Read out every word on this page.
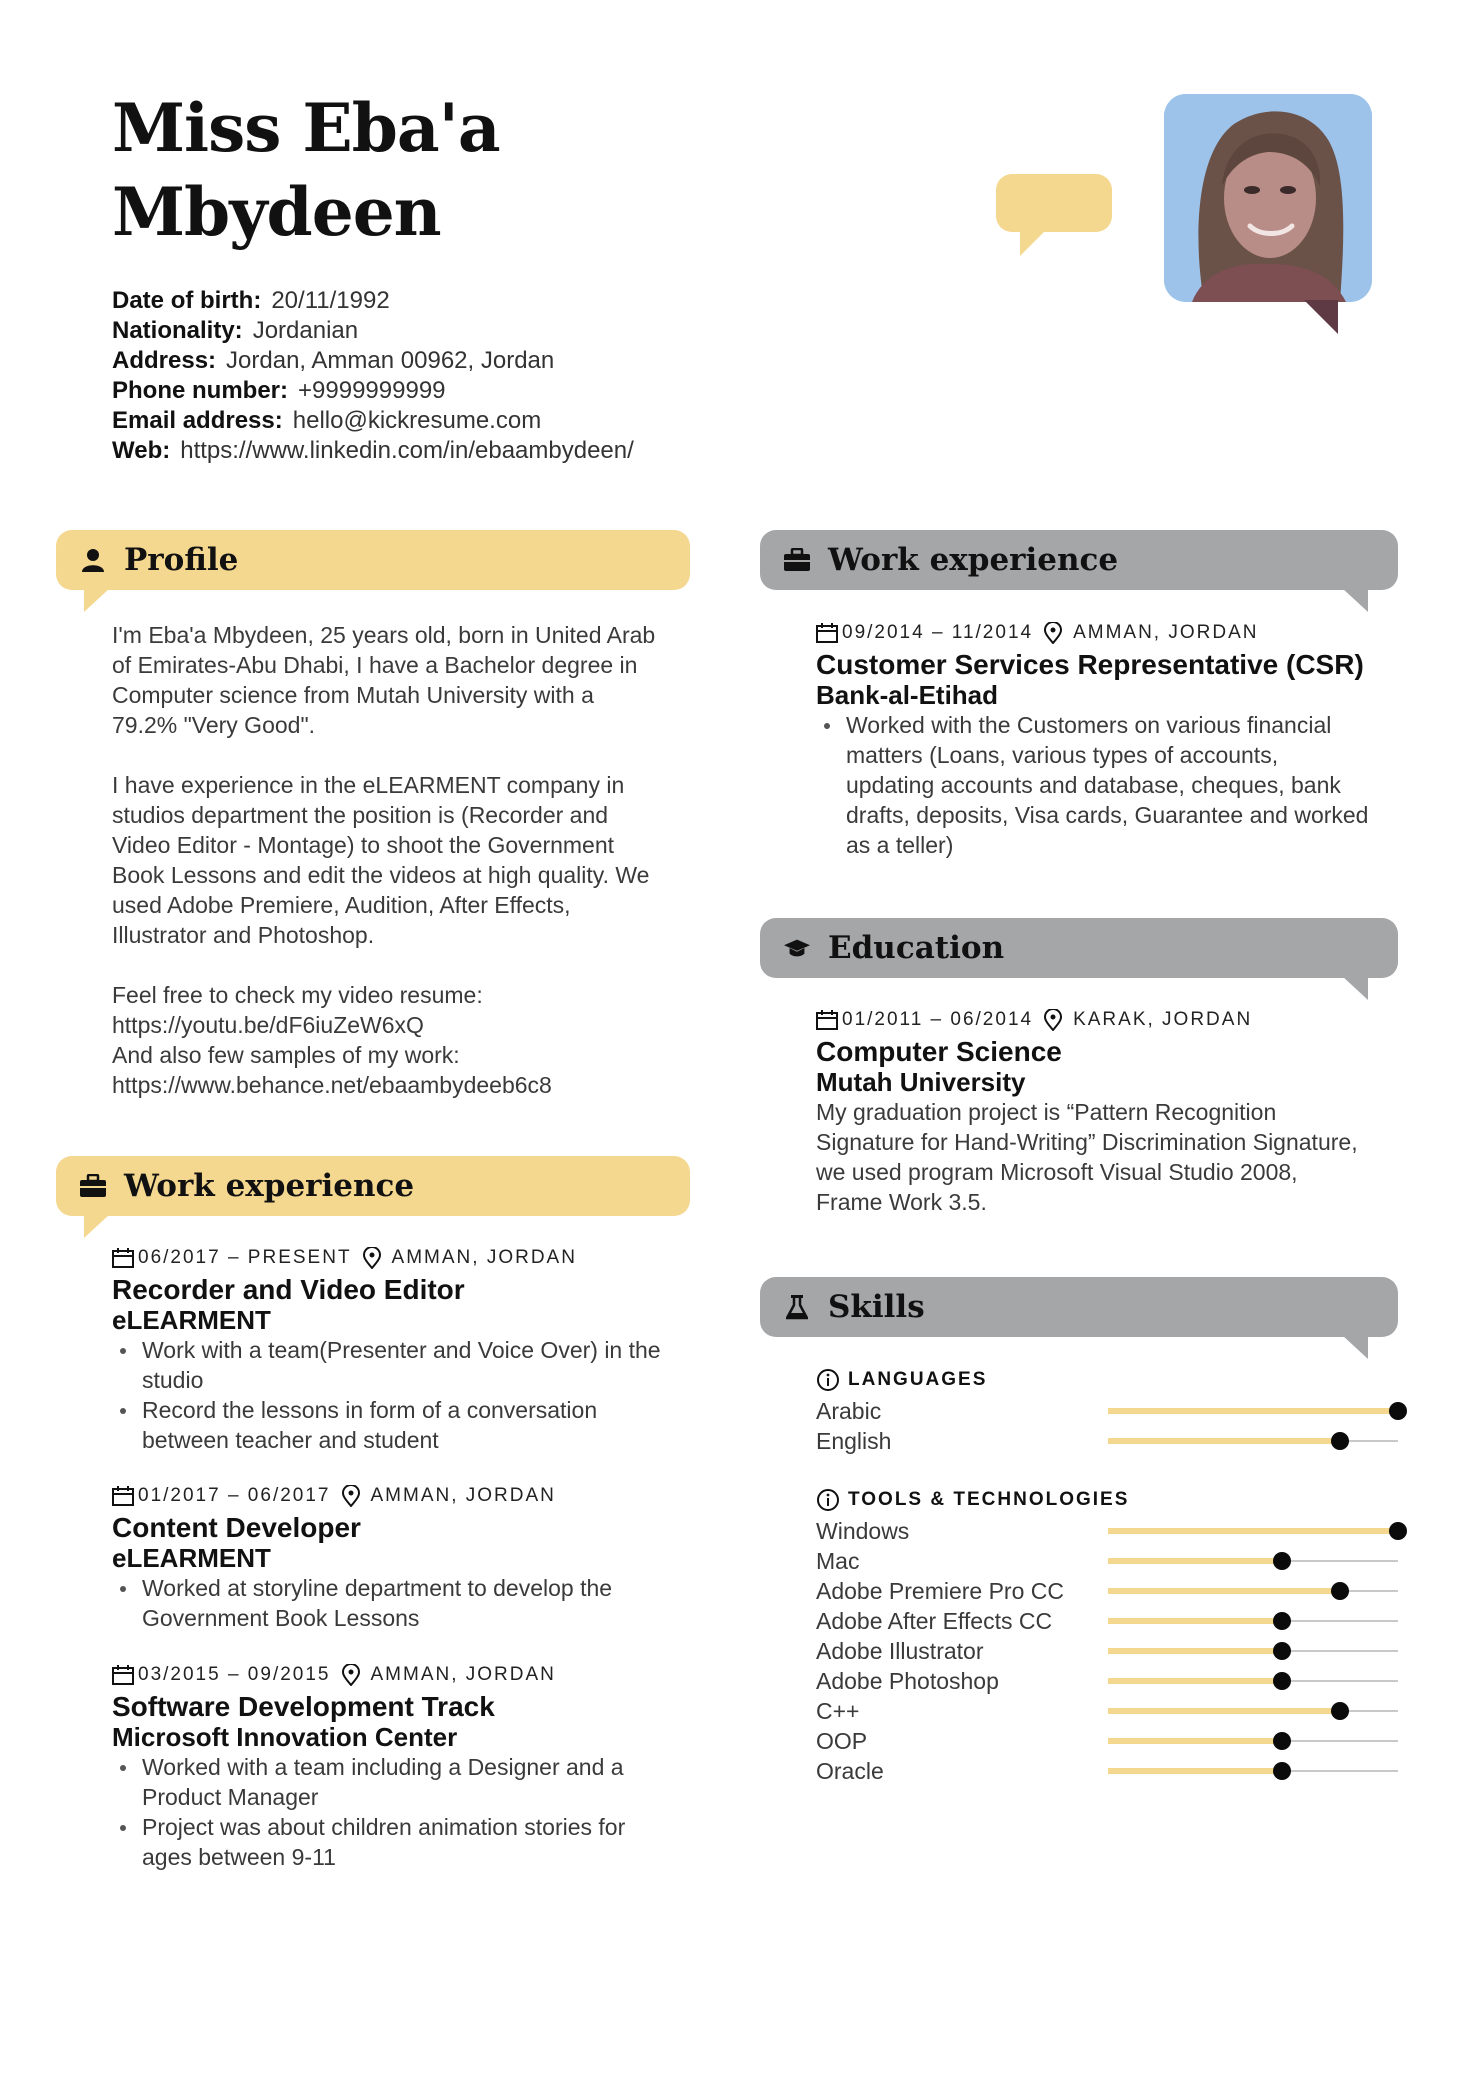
Miss Eba'a
Mbydeen
Date of birth: 20/11/1992
Nationality: Jordanian
Address: Jordan, Amman 00962, Jordan
Phone number: +9999999999
Email address: hello@kickresume.com
Web: https://www.linkedin.com/in/ebaambydeen/
Profile

I'm Eba'a Mbydeen, 25 years old, born in United Arab

of Emirates-Abu Dhabi, I have a Bachelor degree in

Computer science from Mutah University with a

79.2% "Very Good".

I have experience in the eLEARMENT company in

studios department the position is (Recorder and

Video Editor - Montage) to shoot the Government

Book Lessons and edit the videos at high quality. We

used Adobe Premiere, Audition, After Effects,

Illustrator and Photoshop.

Feel free to check my video resume:

https://youtu.be/dF6iuZeW6xQ

And also few samples of my work:

https://www.behance.net/ebaambydeeb6c8

Work experience
06/2017 – PRESENT AMMAN, JORDAN
Recorder and Video Editor
eLEARMENT
Work with a team(Presenter and Voice Over) in the
studio
Record the lessons in form of a conversation
between teacher and student
01/2017 – 06/2017 AMMAN, JORDAN
Content Developer
eLEARMENT
Worked at storyline department to develop the
Government Book Lessons
03/2015 – 09/2015 AMMAN, JORDAN
Software Development Track
Microsoft Innovation Center
Worked with a team including a Designer and a
Product Manager
Project was about children animation stories for
ages between 9-11
Work experience
09/2014 – 11/2014 AMMAN, JORDAN
Customer Services Representative (CSR)
Bank-al-Etihad
Worked with the Customers on various financial
matters (Loans, various types of accounts,
updating accounts and database, cheques, bank
drafts, deposits, Visa cards, Guarantee and worked
as a teller)
Education
01/2011 – 06/2014 KARAK, JORDAN
Computer Science
Mutah University
My graduation project is “Pattern Recognition
Signature for Hand-Writing” Discrimination Signature,
we used program Microsoft Visual Studio 2008,
Frame Work 3.5.
Skills
LANGUAGES
Arabic
English
TOOLS & TECHNOLOGIES
Windows
Mac
Adobe Premiere Pro CC
Adobe After Effects CC
Adobe Illustrator
Adobe Photoshop
C++
OOP
Oracle
